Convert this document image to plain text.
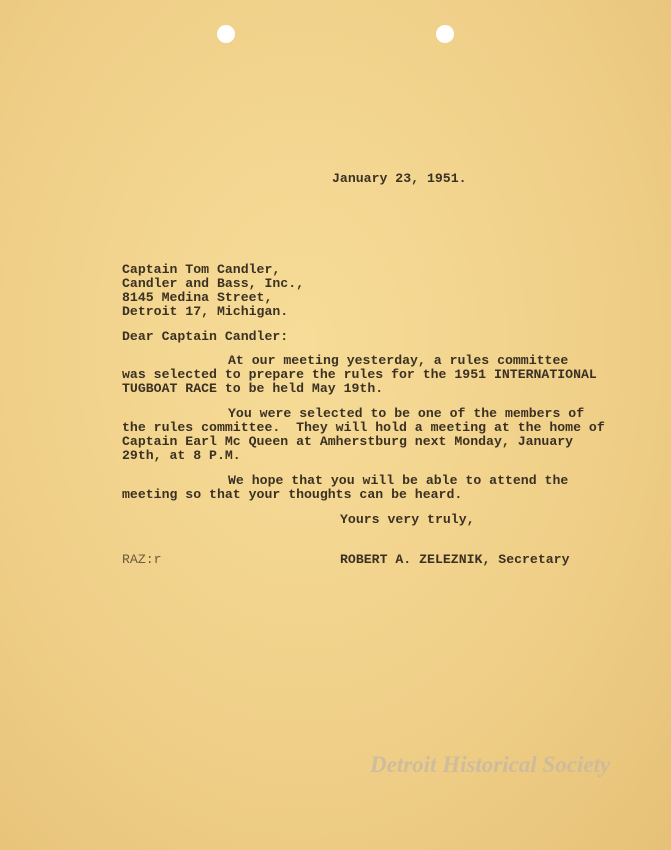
January 23, 1951.
Captain Tom Candler,
Candler and Bass, Inc.,
8145 Medina Street,
Detroit 17, Michigan.
Dear Captain Candler:
At our meeting yesterday, a rules committee
was selected to prepare the rules for the 1951 INTERNATIONAL
TUGBOAT RACE to be held May 19th.
You were selected to be one of the members of
the rules committee.  They will hold a meeting at the home of
Captain Earl Mc Queen at Amherstburg next Monday, January
29th, at 8 P.M.
We hope that you will be able to attend the
meeting so that your thoughts can be heard.
Yours very truly,
RAZ:r	ROBERT A. ZELEZNIK, Secretary
Detroit Historical Society
